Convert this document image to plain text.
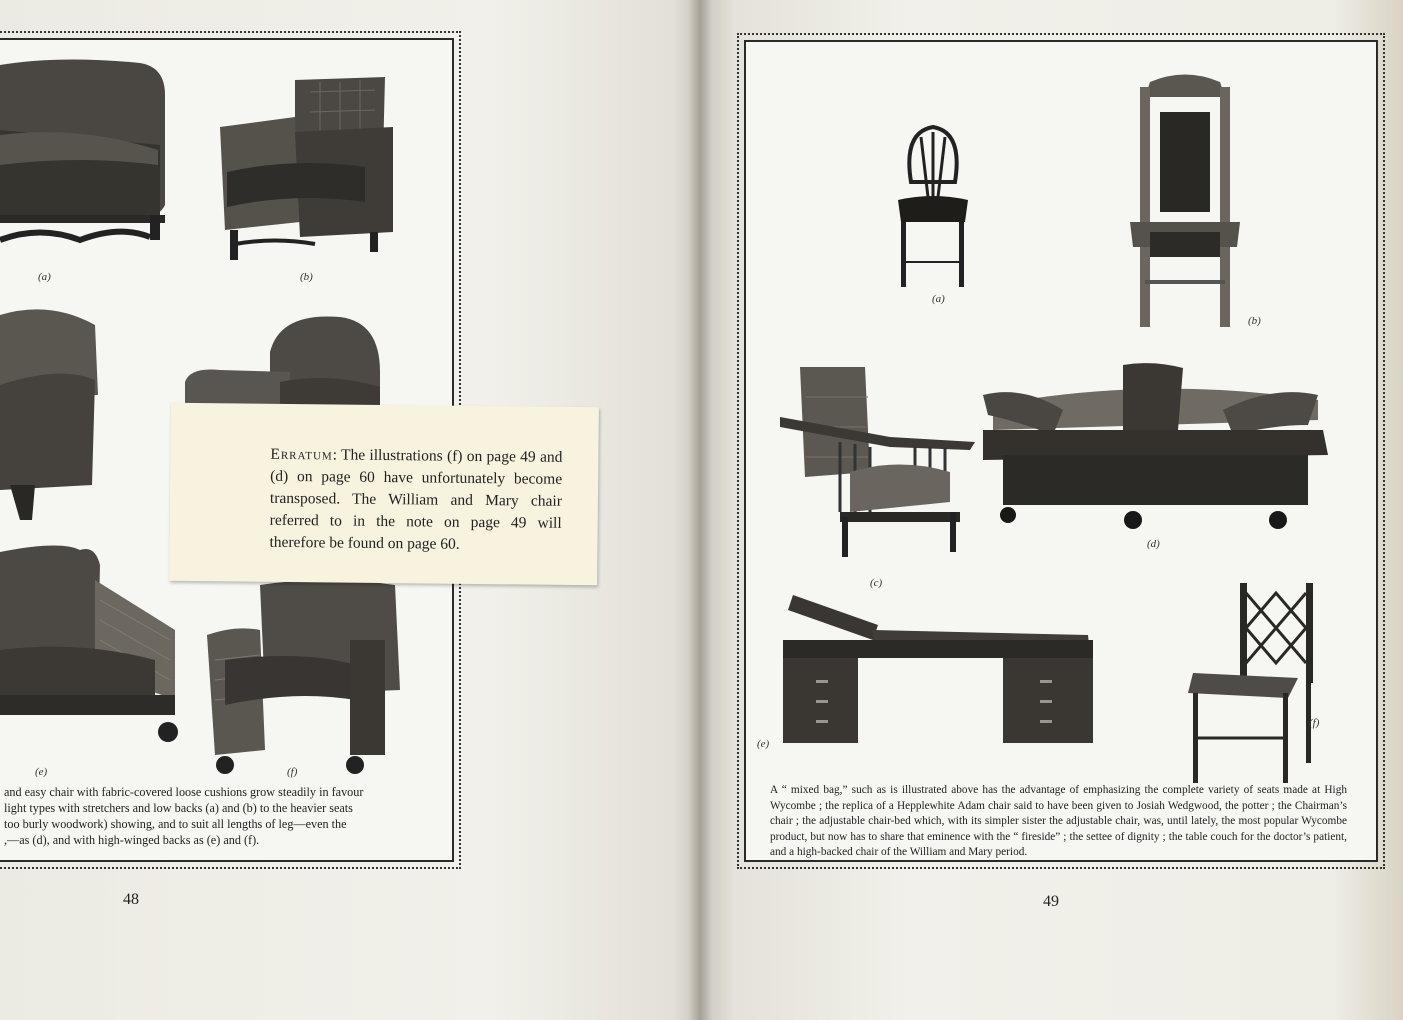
(a)	(b)
(e)	(f)
and easy chair with fabric-covered loose cushions grow steadily in favour
light types with stretchers and low backs (a) and (b) to the heavier seats
too burly woodwork) showing, and to suit all lengths of leg—even the
,—as (d), and with high-winged backs as (e) and (f).
48
(a)
(b)
(c)
(d)
(e)
(f)
A “ mixed bag,” such as is illustrated above has the advantage of emphasizing the complete variety of seats made at High Wycombe ; the replica of a Hepplewhite Adam chair said to have been given to Josiah Wedgwood, the potter ; the Chairman’s chair ; the adjustable chair-bed which, with its simpler sister the adjustable chair, was, until lately, the most popular Wycombe product, but now has to share that eminence with the “ fireside” ; the settee of dignity ; the table couch for the doctor’s patient, and a high-backed chair of the William and Mary period.
49
Erratum: The illustrations (f) on page 49 and (d) on page 60 have unfortunately become transposed. The William and Mary chair referred to in the note on page 49 will therefore be found on page 60.
